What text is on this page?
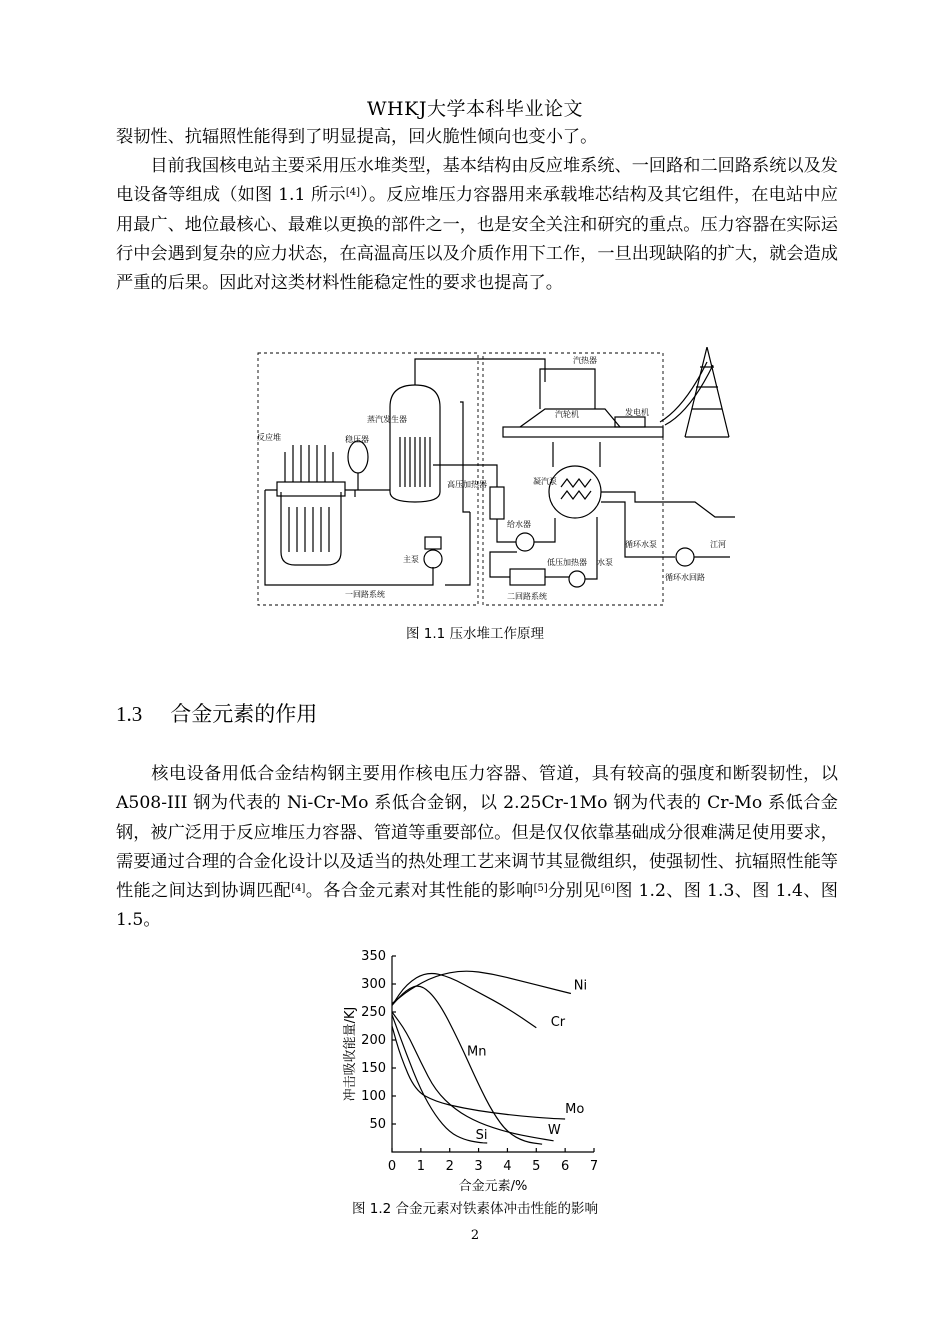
WHKJ大学本科毕业论文

裂韧性、抗辐照性能得到了明显提高，回火脆性倾向也变小了。

　　目前我国核电站主要采用压水堆类型，基本结构由反应堆系统、一回路和二回路系统以及发电设备等组成（如图 1.1 所示[4]）。反应堆压力容器用来承载堆芯结构及其它组件，在电站中应用最广、地位最核心、最难以更换的部件之一，也是安全关注和研究的重点。压力容器在实际运行中会遇到复杂的应力状态，在高温高压以及介质作用下工作，一旦出现缺陷的扩大，就会造成严重的后果。因此对这类材料性能稳定性的要求也提高了。

反应堆	稳压器
蒸汽发生器
主泵
一回路系统
汽热器
汽轮机	发电机
高压加热器	凝汽泵
给水器
低压加热器 水泵
二回路系统
循环水泵
循环水回路
江河
图 1.1 压水堆工作原理
1.3 合金元素的作用

　　核电设备用低合金结构钢主要用作核电压力容器、管道，具有较高的强度和断裂韧性，以 A508-III 钢为代表的 Ni-Cr-Mo 系低合金钢，以 2.25Cr-1Mo 钢为代表的 Cr-Mo 系低合金钢，被广泛用于反应堆压力容器、管道等重要部位。但是仅仅依靠基础成分很难满足使用要求，需要通过合理的合金化设计以及适当的热处理工艺来调节其显微组织，使强韧性、抗辐照性能等性能之间达到协调匹配[4]。各合金元素对其性能的影响[5]分别见[6]图 1.2、图 1.3、图 1.4、图 1.5。

0 1 2 3 4 5 6 7
50
100
150
200
250
300
350
合金元素/%
冲击吸收能量/KJ
Ni
Cr
Mn
Mo
W
Si
图 1.2 合金元素对铁素体冲击性能的影响
2
